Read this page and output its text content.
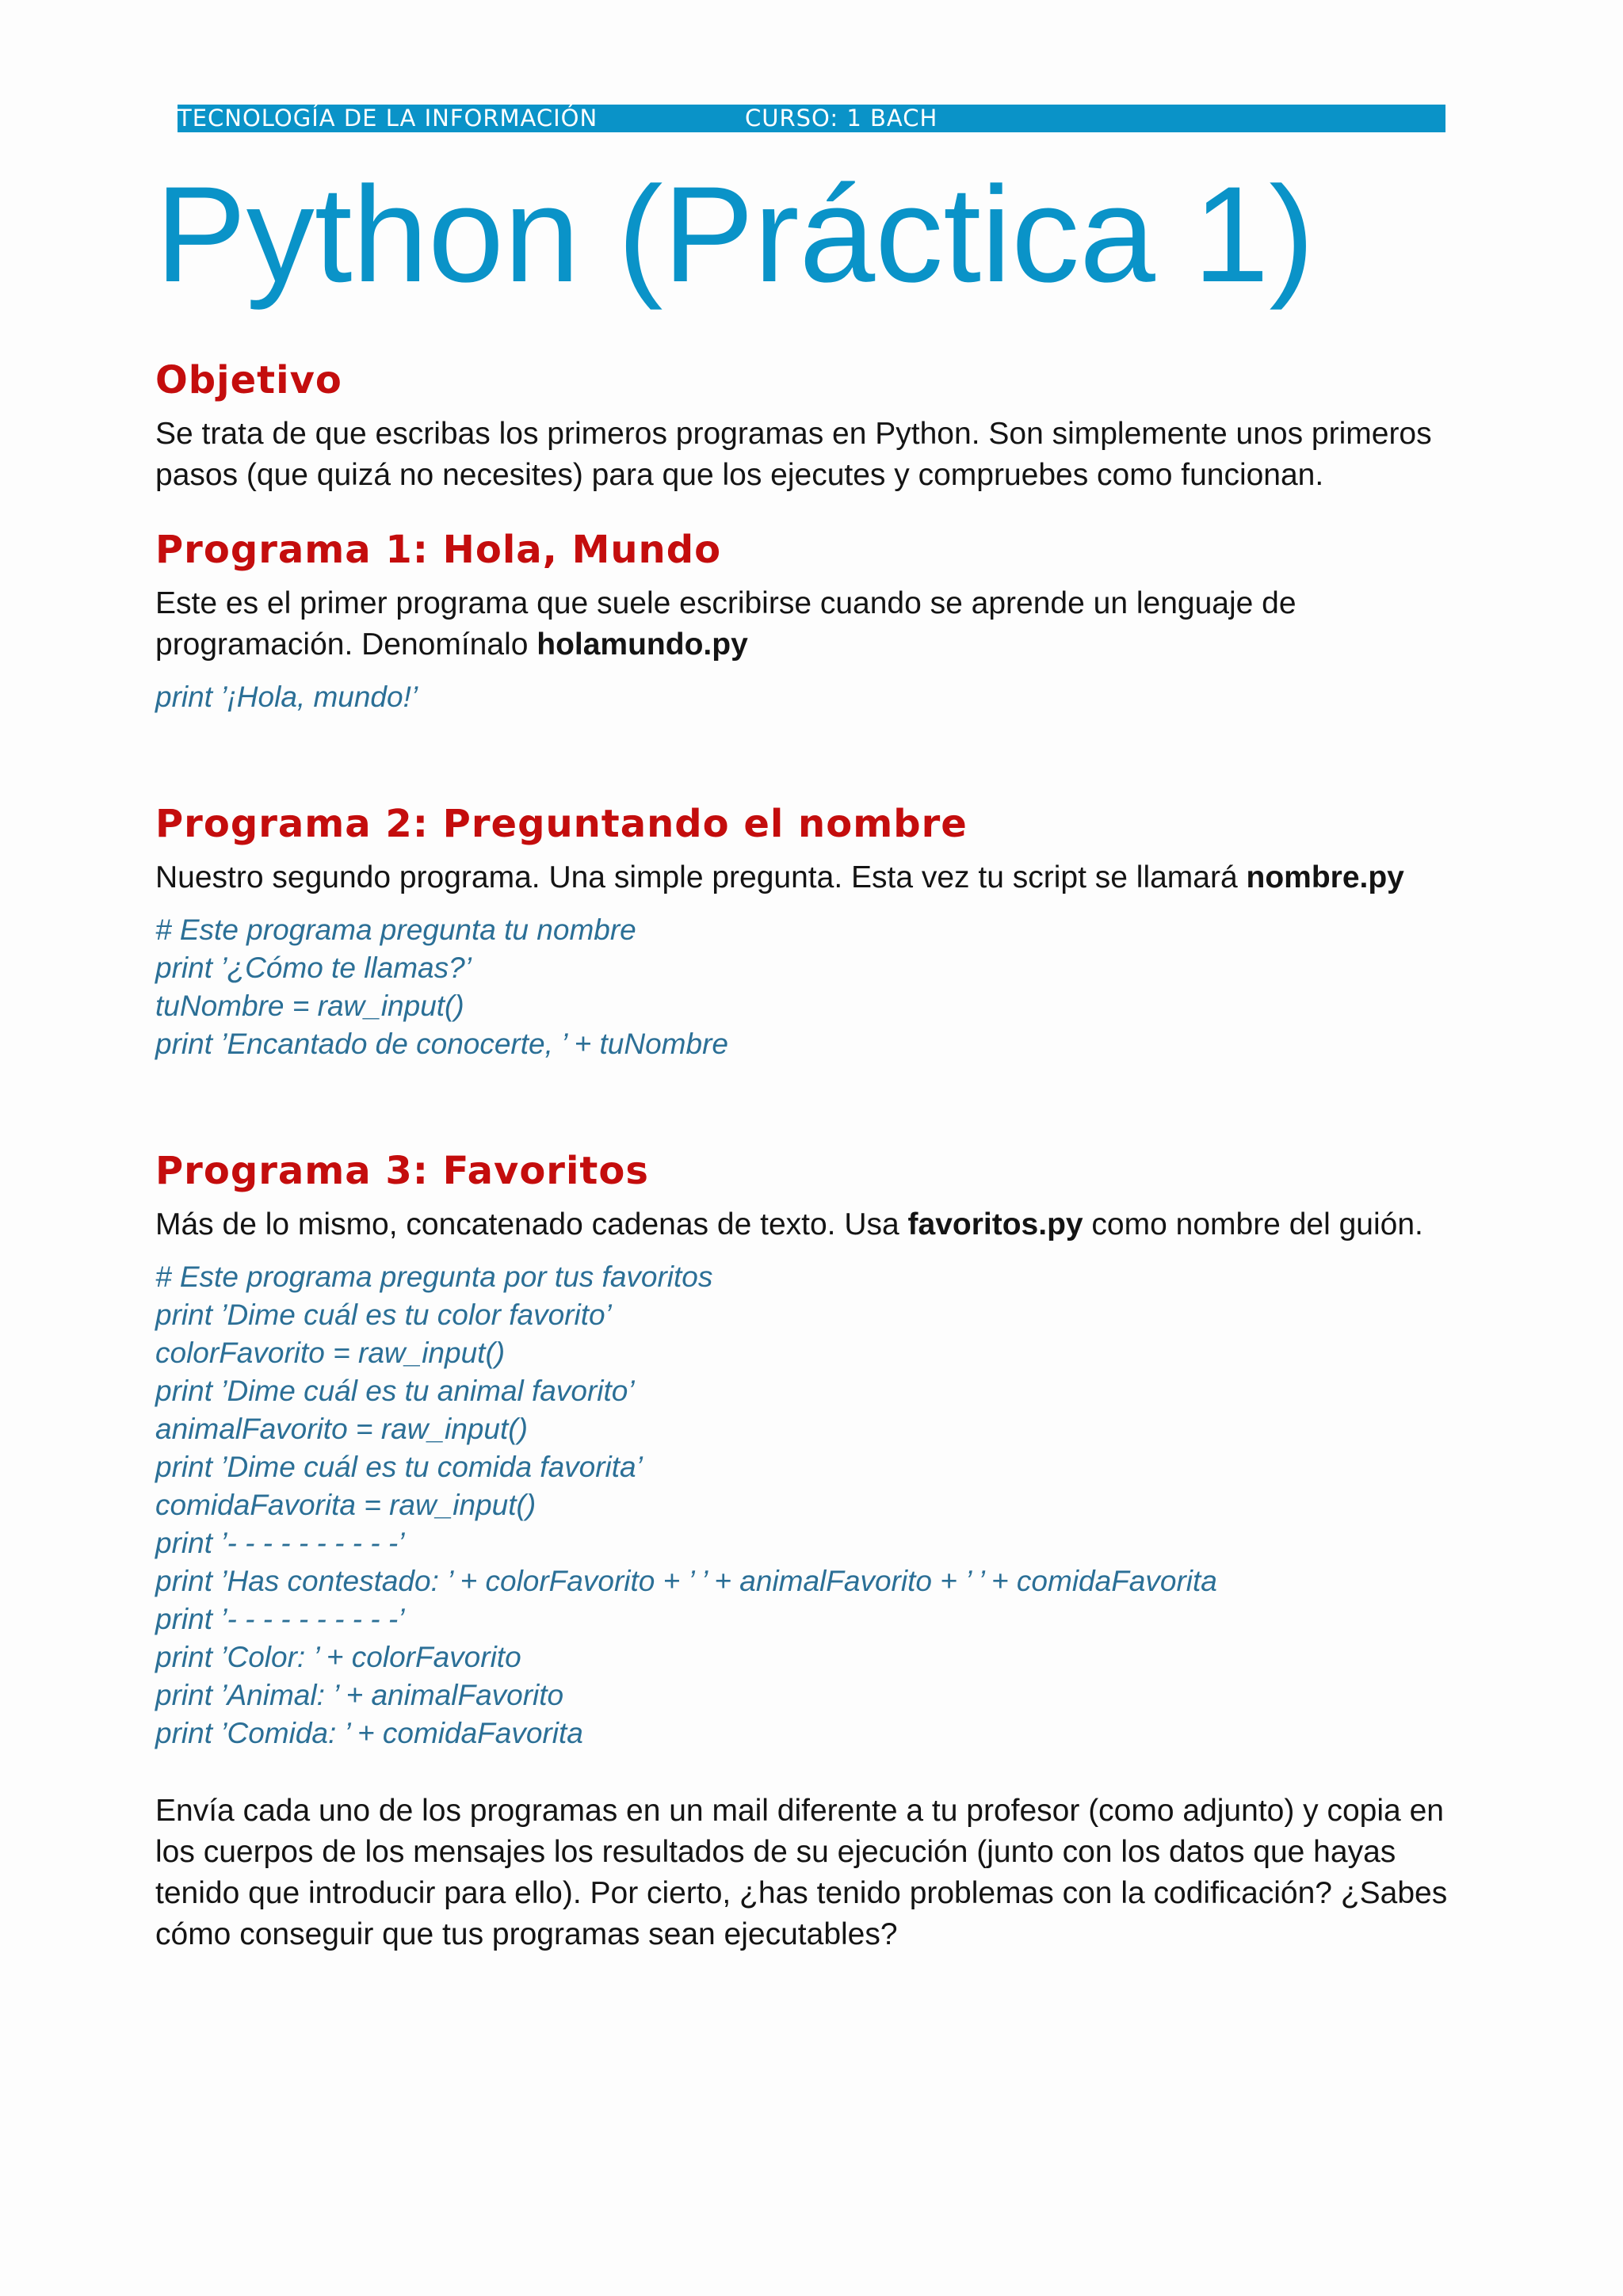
TECNOLOGÍA DE LA INFORMACIÓN	CURSO: 1 BACH
Python (Práctica 1)
Objetivo

Se trata de que escribas los primeros programas en Python. Son simplemente unos primeros pasos (que quizá no necesites) para que los ejecutes y compruebes como funcionan.

Programa 1: Hola, Mundo

Este es el primer programa que suele escribirse cuando se aprende un lenguaje de programación. Denomínalo holamundo.py

print ’¡Hola, mundo!’
Programa 2: Preguntando el nombre

Nuestro segundo programa. Una simple pregunta. Esta vez tu script se llamará nombre.py

# Este programa pregunta tu nombre
print ’¿Cómo te llamas?’
tuNombre = raw_input()
print ’Encantado de conocerte, ’ + tuNombre
Programa 3: Favoritos

Más de lo mismo, concatenado cadenas de texto. Usa favoritos.py como nombre del guión.

# Este programa pregunta por tus favoritos
print ’Dime cuál es tu color favorito’
colorFavorito = raw_input()
print ’Dime cuál es tu animal favorito’
animalFavorito = raw_input()
print ’Dime cuál es tu comida favorita’
comidaFavorita = raw_input()
print ’- - - - - - - - - -’
print ’Has contestado: ’ + colorFavorito + ’ ’ + animalFavorito + ’ ’ + comidaFavorita
print ’- - - - - - - - - -’
print ’Color: ’ + colorFavorito
print ’Animal: ’ + animalFavorito
print ’Comida: ’ + comidaFavorita

Envía cada uno de los programas en un mail diferente a tu profesor (como adjunto) y copia en los cuerpos de los mensajes los resultados de su ejecución (junto con los datos que hayas tenido que introducir para ello). Por cierto, ¿has tenido problemas con la codificación? ¿Sabes cómo conseguir que tus programas sean ejecutables?
